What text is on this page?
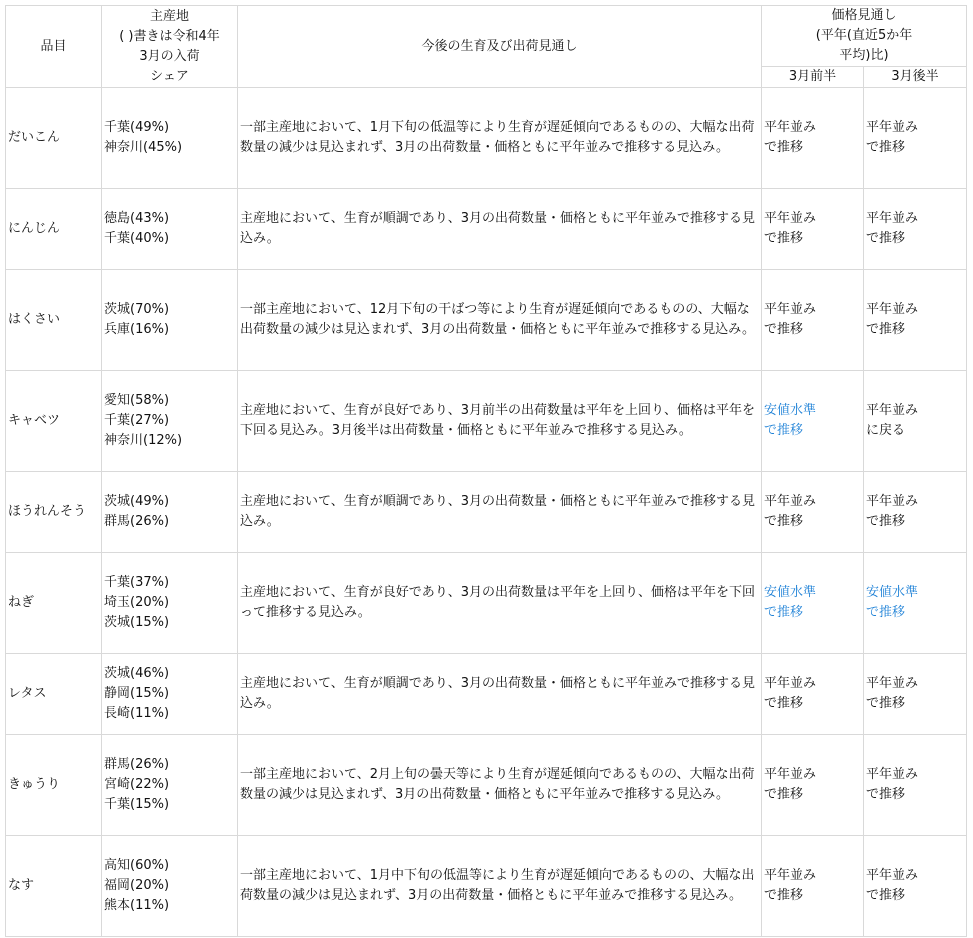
品目	主産地
( )書きは令和4年
3月の入荷
シェア	今後の生育及び出荷見通し	価格見通し
(平年(直近5か年
平均)比)	

			3月前半	3月後半
だいこん	千葉(49%)
神奈川(45%)	一部主産地において、1月下旬の低温等により生育が遅延傾向であるものの、大幅な出荷数量の減少は見込まれず、3月の出荷数量・価格ともに平年並みで推移する見込み。	平年並み
で推移	平年並み
で推移

にんじん	徳島(43%)
千葉(40%)	主産地において、生育が順調であり、3月の出荷数量・価格ともに平年並みで推移する見込み。	平年並み
で推移	平年並み
で推移

はくさい	茨城(70%)
兵庫(16%)	一部主産地において、12月下旬の干ばつ等により生育が遅延傾向であるものの、大幅な出荷数量の減少は見込まれず、3月の出荷数量・価格ともに平年並みで推移する見込み。	平年並み
で推移	平年並み
で推移

キャベツ	愛知(58%)
千葉(27%)
神奈川(12%)	主産地において、生育が良好であり、3月前半の出荷数量は平年を上回り、価格は平年を下回る見込み。3月後半は出荷数量・価格ともに平年並みで推移する見込み。	安値水準
で推移	平年並み
に戻る

ほうれんそう	茨城(49%)
群馬(26%)	主産地において、生育が順調であり、3月の出荷数量・価格ともに平年並みで推移する見込み。	平年並み
で推移	平年並み
で推移

ねぎ	千葉(37%)
埼玉(20%)
茨城(15%)	主産地において、生育が良好であり、3月の出荷数量は平年を上回り、価格は平年を下回って推移する見込み。	安値水準
で推移	安値水準
で推移

レタス	茨城(46%)
静岡(15%)
長崎(11%)	主産地において、生育が順調であり、3月の出荷数量・価格ともに平年並みで推移する見込み。	平年並み
で推移	平年並み
で推移

きゅうり	群馬(26%)
宮崎(22%)
千葉(15%)	一部主産地において、2月上旬の曇天等により生育が遅延傾向であるものの、大幅な出荷数量の減少は見込まれず、3月の出荷数量・価格ともに平年並みで推移する見込み。	平年並み
で推移	平年並み
で推移

なす	高知(60%)
福岡(20%)
熊本(11%)	一部主産地において、1月中下旬の低温等により生育が遅延傾向であるものの、大幅な出荷数量の減少は見込まれず、3月の出荷数量・価格ともに平年並みで推移する見込み。	平年並み
で推移	平年並み
で推移
